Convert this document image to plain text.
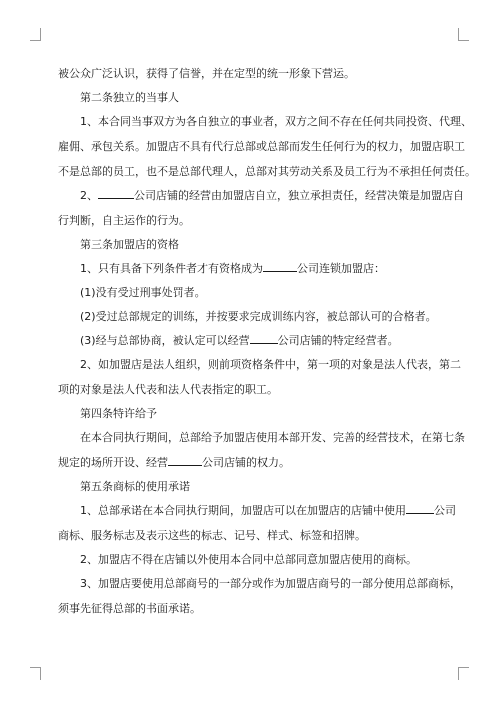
被公众广泛认识，获得了信誉，并在定型的统一形象下营运。

第二条独立的当事人

1、本合同当事双方为各自独立的事业者，双方之间不存在任何共同投资、代理、

雇佣、承包关系。加盟店不具有代行总部或总部而发生任何行为的权力，加盟店职工

不是总部的员工，也不是总部代理人，总部对其劳动关系及员工行为不承担任何责任。

2、	公司店铺的经营由加盟店自立，独立承担责任，经营决策是加盟店自

行判断，自主运作的行为。

第三条加盟店的资格

1、只有具备下列条件者才有资格成为	公司连锁加盟店：

(1)没有受过刑事处罚者。

(2)受过总部规定的训练，并按要求完成训练内容，被总部认可的合格者。

(3)经与总部协商，被认定可以经营	公司店铺的特定经营者。

2、如加盟店是法人组织，则前项资格条件中，第一项的对象是法人代表，第二

项的对象是法人代表和法人代表指定的职工。

第四条特许给予

在本合同执行期间，总部给予加盟店使用本部开发、完善的经营技术，在第七条

规定的场所开设、经营	公司店铺的权力。

第五条商标的使用承诺

1、总部承诺在本合同执行期间，加盟店可以在加盟店的店铺中使用	公司

商标、服务标志及表示这些的标志、记号、样式、标签和招牌。

2、加盟店不得在店铺以外使用本合同中总部同意加盟店使用的商标。

3、加盟店要使用总部商号的一部分或作为加盟店商号的一部分使用总部商标，

须事先征得总部的书面承诺。
